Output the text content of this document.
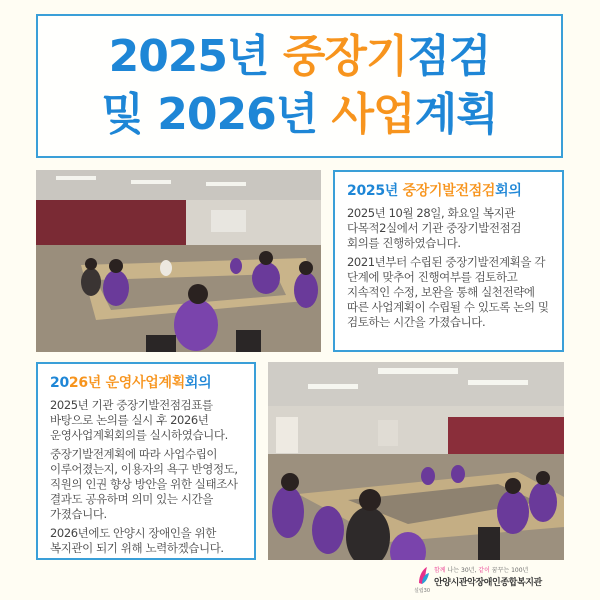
2025년 중장기점검
및 2026년 사업계획
2025년 중장기발전점검회의

2025년 10월 28일, 화요일 복지관 다목적2실에서 기관 중장기발전점검 회의를 진행하였습니다.

2021년부터 수립된 중장기발전계획을 각 단계에 맞추어 진행여부를 검토하고 지속적인 수정, 보완을 통해 실천전략에 따른 사업계획이 수립될 수 있도록 논의 및 검토하는 시간을 가졌습니다.

2026년 운영사업계획회의

2025년 기관 중장기발전점검표를 바탕으로 논의를 실시 후 2026년 운영사업계획회의를 실시하였습니다.

중장기발전계획에 따라 사업수립이 이루어졌는지, 이용자의 욕구 반영정도, 직원의 인권 향상 방안을 위한 실태조사 결과도 공유하며 의미 있는 시간을 가졌습니다.

2026년에도 안양시 장애인을 위한 복지관이 되기 위해 노력하겠습니다.

함께 나는 30년, 같이 꿈꾸는 100년
안양시관악장애인종합복지관
설립30
